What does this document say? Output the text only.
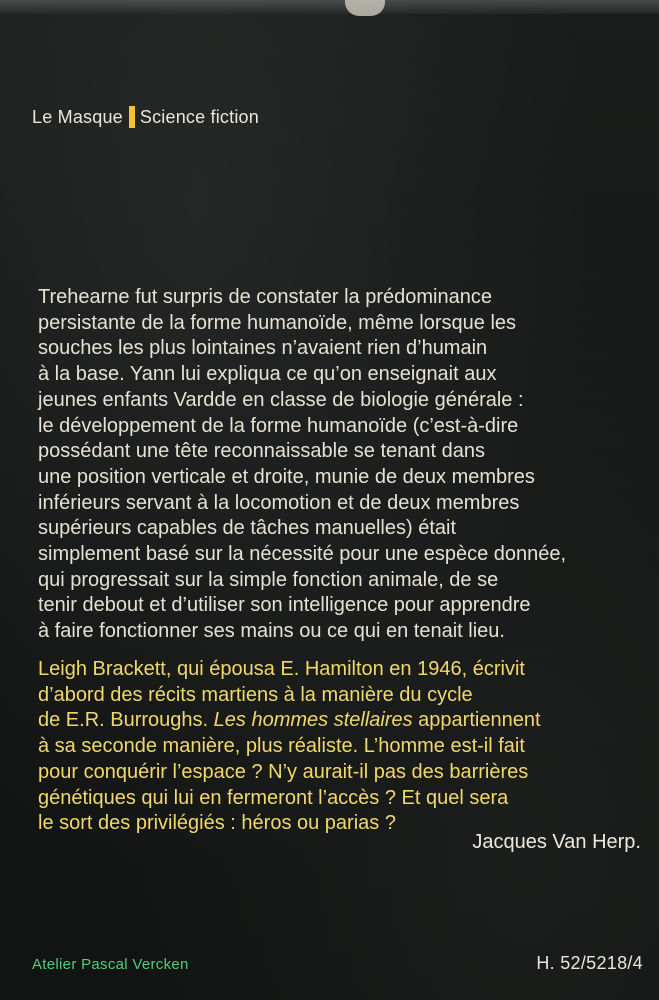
Le Masque Science fiction
Trehearne fut surpris de constater la prédominance
persistante de la forme humanoïde, même lorsque les
souches les plus lointaines n’avaient rien d’humain
à la base. Yann lui expliqua ce qu’on enseignait aux
jeunes enfants Vardde en classe de biologie générale :
le développement de la forme humanoïde (c’est-à-dire
possédant une tête reconnaissable se tenant dans
une position verticale et droite, munie de deux membres
inférieurs servant à la locomotion et de deux membres
supérieurs capables de tâches manuelles) était
simplement basé sur la nécessité pour une espèce donnée,
qui progressait sur la simple fonction animale, de se
tenir debout et d’utiliser son intelligence pour apprendre
à faire fonctionner ses mains ou ce qui en tenait lieu.
Leigh Brackett, qui épousa E. Hamilton en 1946, écrivit
d’abord des récits martiens à la manière du cycle
de E.R. Burroughs. Les hommes stellaires appartiennent
à sa seconde manière, plus réaliste. L’homme est-il fait
pour conquérir l’espace ? N’y aurait-il pas des barrières
génétiques qui lui en fermeront l’accès ? Et quel sera
le sort des privilégiés : héros ou parias ?
Jacques Van Herp.
Atelier Pascal Vercken	H. 52/5218/4
